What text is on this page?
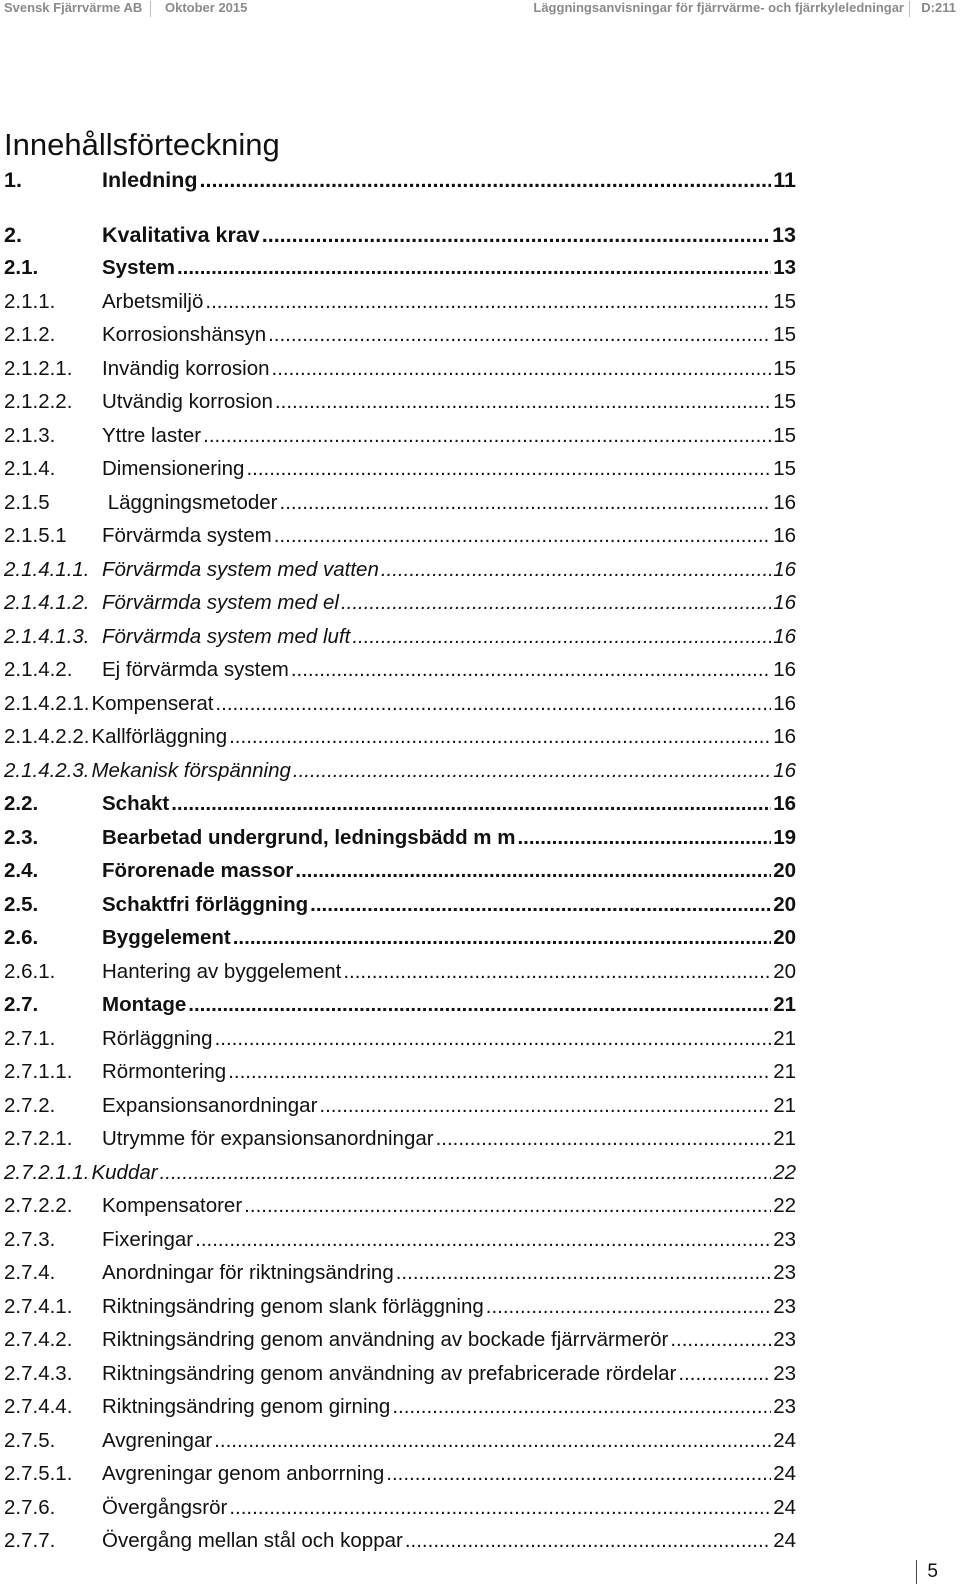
Svensk Fjärrvärme AB Oktober 2015	Läggningsanvisningar för fjärrvärme- och fjärrkyleledningar D:211
Innehållsförteckning
1.	Inledning .....	11
2.	Kvalitativa krav .....	13
2.1.	System .....	13
2.1.1.	Arbetsmiljö .....	15
2.1.2.	Korrosionshänsyn .....	15
2.1.2.1.	Invändig korrosion .....	15
2.1.2.2.	Utvändig korrosion .....	15
2.1.3.	Yttre laster .....	15
2.1.4.	Dimensionering .....	15
2.1.5	Läggningsmetoder .....	16
2.1.5.1	Förvärmda system .....	16
2.1.4.1.1. Förvärmda system med vatten .....	16
2.1.4.1.2. Förvärmda system med el .....	16
2.1.4.1.3. Förvärmda system med luft .....	16
2.1.4.2.	Ej förvärmda system .....	16
2.1.4.2.1. Kompenserat .....	16
2.1.4.2.2. Kallförläggning .....	16
2.1.4.2.3. Mekanisk förspänning .....	16
2.2.	Schakt .....	16
2.3.	Bearbetad undergrund, ledningsbädd m m .....	19
2.4.	Förorenade massor .....	20
2.5.	Schaktfri förläggning .....	20
2.6.	Byggelement .....	20
2.6.1.	Hantering av byggelement .....	20
2.7.	Montage .....	21
2.7.1.	Rörläggning .....	21
2.7.1.1.	Rörmontering .....	21
2.7.2.	Expansionsanordningar .....	21
2.7.2.1.	Utrymme för expansionsanordningar .....	21
2.7.2.1.1. Kuddar .....	22
2.7.2.2.	Kompensatorer .....	22
2.7.3.	Fixeringar .....	23
2.7.4.	Anordningar för riktningsändring .....	23
2.7.4.1.	Riktningsändring genom slank förläggning .....	23
2.7.4.2.	Riktningsändring genom användning av bockade fjärrvärmerör .....	23
2.7.4.3.	Riktningsändring genom användning av prefabricerade rördelar .....	23
2.7.4.4.	Riktningsändring genom girning .....	23
2.7.5.	Avgreningar .....	24
2.7.5.1.	Avgreningar genom anborrning .....	24
2.7.6.	Övergångsrör .....	24
2.7.7.	Övergång mellan stål och koppar .....	24
5
